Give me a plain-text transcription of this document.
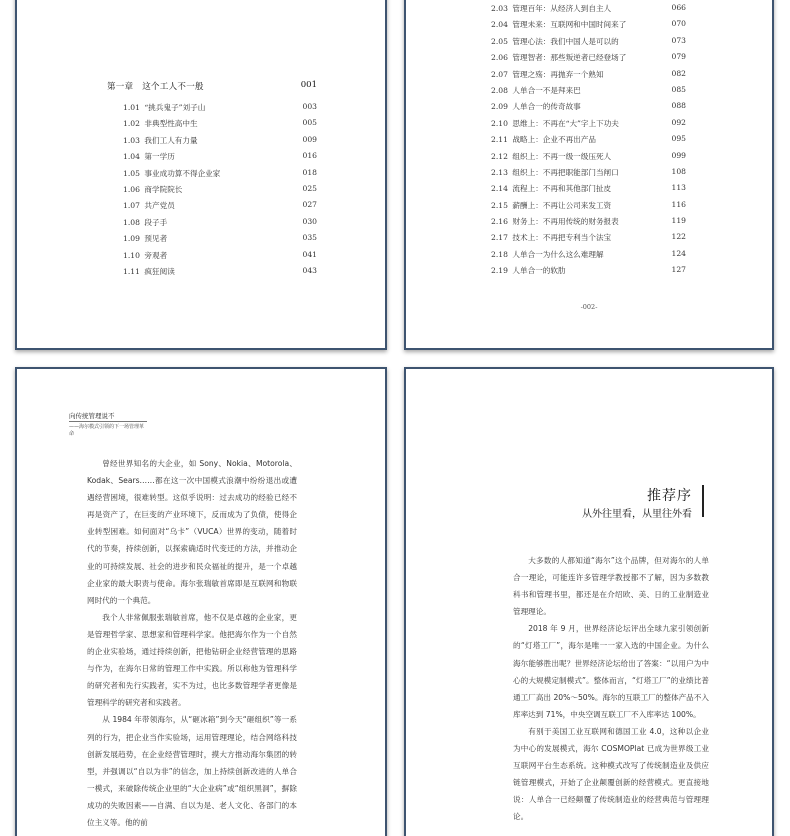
第一章　这个工人不一般	001
1.01 “挑兵鬼子”刘子山	003
1.02 非典型性高中生	005
1.03 我们工人有力量	009
1.04 第一学历	016
1.05 事业成功算不得企业家	018
1.06 商学院院长	025
1.07 共产党员	027
1.08 段子手	030
1.09 预见者	035
1.10 旁观者	041
1.11 疯狂阅读	043
2.03 管理百年：从经济人到自主人	066
2.04 管理未来：互联网和中国时间来了	070
2.05 管理心法：我们中国人是可以的	073
2.06 管理智者：那些叛逆者已经登场了	079
2.07 管理之殇：再抛弃一个熟知	082
2.08 人单合一不是拜来巴	085
2.09 人单合一的传奇故事	088
2.10 思维上：不再在“大”字上下功夫	092
2.11 战略上：企业不再出产品	095
2.12 组织上：不再一级一级压死人	099
2.13 组织上：不再把职能部门当闸口	108
2.14 流程上：不再和其他部门扯皮	113
2.15 薪酬上：不再让公司来发工资	116
2.16 财务上：不再用传统的财务报表	119
2.17 技术上：不再把专利当个法宝	122
2.18 人单合一为什么这么难理解	124
2.19 人单合一的软肋	127
-002-
向传统管理说不
——海尔模式引领的下一场管理革命

曾经世界知名的大企业，如 Sony、Nokia、Motorola、Kodak、Sears……都在这一次中国模式浪潮中纷纷退出或遭遇经营困境，很难转型。这似乎说明：过去成功的经验已经不再是资产了，在巨变的产业环境下，反而成为了负债，使得企业转型困难。如何面对“乌卡”（VUCA）世界的变动，随着时代的节奏，持续创新，以探索确适时代变迁的方法，并推动企业的可持续发展、社会的进步和民众福祉的提升，是一个卓越企业家的最大职责与使命。海尔张瑞敏首席即是互联网和物联网时代的一个典范。

我个人非常佩服张瑞敏首席，他不仅是卓越的企业家，更是管理哲学家、思想家和管理科学家。他把海尔作为一个自然的企业实验场，通过持续创新，把他钻研企业经营管理的思路与作为，在海尔日常的管理工作中实践。所以称他为管理科学的研究者和先行实践者，实不为过，也比多数管理学者更像是管理科学的研究者和实践者。

从 1984 年带领海尔，从“砸冰箱”到今天“砸组织”等一系列的行为，把企业当作实验场，运用管理理论，结合网络科技创新发展趋势，在企业经营管理时，摸大方推动海尔集团的转型，并强调以“自以为非”的信念，加上持续创新改进的人单合一模式，来破除传统企业里的“大企业病”或“组织黑洞”，摒除成功的失败因素——自满、自以为是、老人文化、各部门的本位主义等。他的前

推荐序
从外往里看，从里往外看

大多数的人都知道“海尔”这个品牌，但对海尔的人单合一理论，可能连许多管理学教授都不了解，因为多数教科书和管理书里，都还是在介绍欧、美、日的工业制造业管理理论。

2018 年 9 月，世界经济论坛评出全球九家引领创新的“灯塔工厂”，海尔是唯一一家入选的中国企业。为什么海尔能够胜出呢？世界经济论坛给出了答案：“以用户为中心的大规模定制模式”。整体而言，“灯塔工厂”的业绩比普通工厂高出 20%～50%。海尔的互联工厂的整体产品不入库率达到 71%，中央空调互联工厂不入库率达 100%。

有别于美国工业互联网和德国工业 4.0，这种以企业为中心的发展模式，海尔 COSMOPlat 已成为世界级工业互联网平台生态系统。这种模式改写了传统制造业及供应链管理模式，开始了企业颠覆创新的经营模式。更直接地说：人单合一已经颠覆了传统制造业的经营典范与管理理论。
